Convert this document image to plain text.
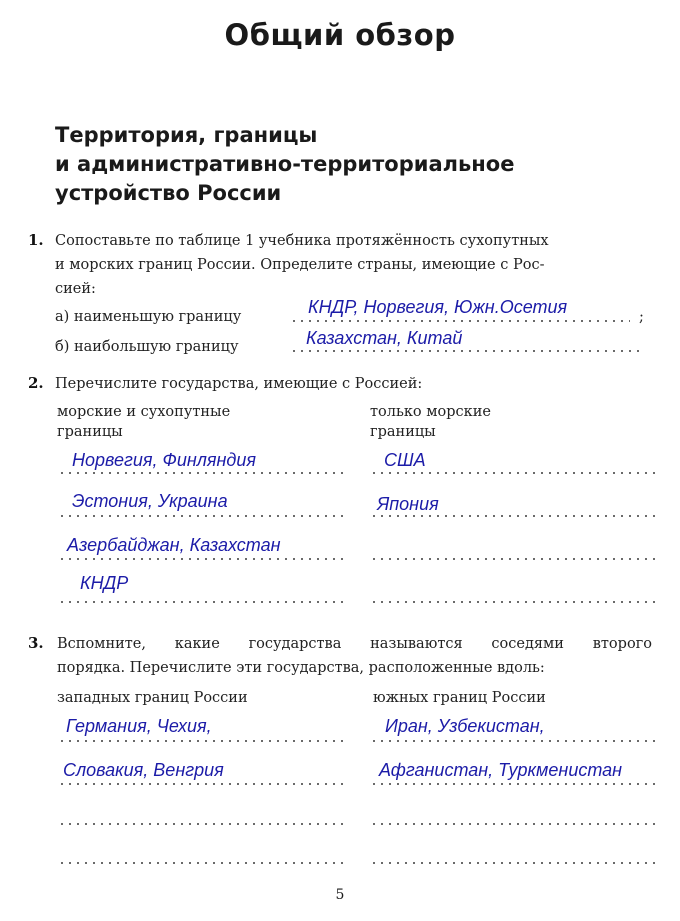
Общий обзор
Территория, границы
и административно-территориальное
устройство России
1. Сопоставьте по таблице 1 учебника протяжённость сухопутных
и морских границ России. Определите страны, имеющие с Рос-
сией:
а) наименьшую границу	КНДР, Норвегия, Южн.Осетия	;
б) наибольшую границу	Казахстан, Китай
2. Перечислите государства, имеющие с Россией:
морские и сухопутные
границы
только морские
границы
Норвегия, Финляндия	США
Эстония, Украина	Япония
Азербайджан, Казахстан
КНДР
3. Вспомните, какие государства называются соседями второго
порядка. Перечислите эти государства, расположенные вдоль:
западных границ России	южных границ России
Германия, Чехия,	Иран, Узбекистан,
Словакия, Венгрия	Афганистан, Туркменистан
5
